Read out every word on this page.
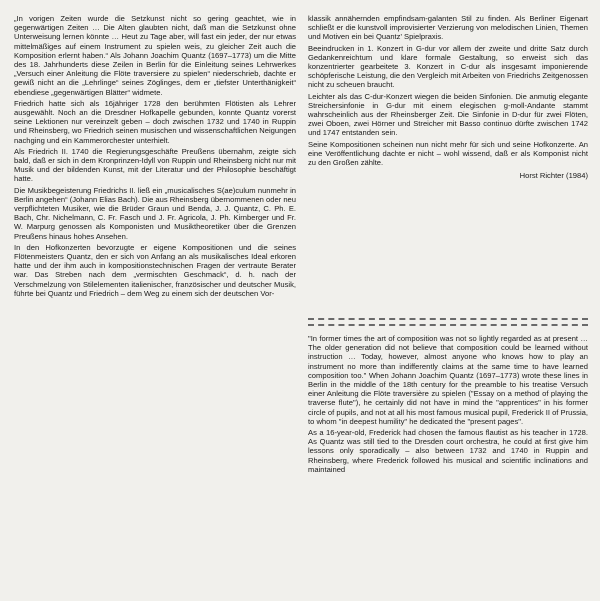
„In vorigen Zeiten wurde die Setzkunst nicht so gering geachtet, wie in gegenwärtigen Zeiten … Die Alten glaubten nicht, daß man die Setzkunst ohne Unterweisung lernen könnte … Heut zu Tage aber, will fast ein jeder, der nur etwas mittelmäßiges auf einem Instrument zu spielen weis, zu gleicher Zeit auch die Komposition erlernt haben.“ Als Johann Joachim Quantz (1697–1773) um die Mitte des 18. Jahrhunderts diese Zeilen in Berlin für die Einleitung seines Lehrwerkes „Versuch einer Anleitung die Flöte traversiere zu spielen“ niederschrieb, dachte er gewiß nicht an die „Lehrlinge“ seines Zöglinges, dem er „tiefster Unterthänigkeit“ ebendiese „gegenwärtigen Blätter“ widmete.

Friedrich hatte sich als 16jähriger 1728 den berühmten Flötisten als Lehrer ausgewählt. Noch an die Dresdner Hofkapelle gebunden, konnte Quantz vorerst seine Lektionen nur vereinzelt geben – doch zwischen 1732 und 1740 in Ruppin und Rheinsberg, wo Friedrich seinen musischen und wissenschaftlichen Neigungen nachging und ein Kammerorchester unterhielt.

Als Friedrich II. 1740 die Regierungsgeschäfte Preußens übernahm, zeigte sich bald, daß er sich in dem Kronprinzen-Idyll von Ruppin und Rheinsberg nicht nur mit Musik und der bildenden Kunst, mit der Literatur und der Philosophie beschäftigt hatte.

Die Musikbegeisterung Friedrichs II. ließ ein „musicalisches S(ae)culum nunmehr in Berlin angehen“ (Johann Elias Bach). Die aus Rheinsberg übernommenen oder neu verpflichteten Musiker, wie die Brüder Graun und Benda, J. J. Quantz, C. Ph. E. Bach, Chr. Nichelmann, C. Fr. Fasch und J. Fr. Agricola, J. Ph. Kirnberger und Fr. W. Marpurg genossen als Komponisten und Musiktheoretiker über die Grenzen Preußens hinaus hohes Ansehen.

In den Hofkonzerten bevorzugte er eigene Kompositionen und die seines Flötenmeisters Quantz, den er sich von Anfang an als musikalisches Ideal erkoren hatte und der ihm auch in kompositionstechnischen Fragen der vertraute Berater war. Das Streben nach dem „vermischten Geschmack“, d. h. nach der Verschmelzung von Stilelementen italienischer, französischer und deutscher Musik, führte bei Quantz und Friedrich – dem Weg zu einem sich der deutschen Vor-

klassik annähernden empfindsam-galanten Stil zu finden. Als Berliner Eigenart schließt er die kunstvoll improvisierter Verzierung von melodischen Linien, Themen und Motiven ein bei Quantz' Spielpraxis.

Beeindrucken in 1. Konzert in G-dur vor allem der zweite und dritte Satz durch Gedankenreichtum und klare formale Gestaltung, so erweist sich das konzentrierter gearbeitete 3. Konzert in C-dur als insgesamt imponierende schöpferische Leistung, die den Vergleich mit Arbeiten von Friedrichs Zeitgenossen nicht zu scheuen braucht.

Leichter als das C-dur-Konzert wiegen die beiden Sinfonien. Die anmutig elegante Streichersinfonie in G-dur mit einem elegischen g-moll-Andante stammt wahrscheinlich aus der Rheinsberger Zeit. Die Sinfonie in D-dur für zwei Flöten, zwei Oboen, zwei Hörner und Streicher mit Basso continuo dürfte zwischen 1742 und 1747 entstanden sein.

Seine Kompositionen scheinen nun nicht mehr für sich und seine Hofkonzerte. An eine Veröffentlichung dachte er nicht – wohl wissend, daß er als Komponist nicht zu den Großen zählte.

Horst Richter (1984)

"In former times the art of composition was not so lightly regarded as at present … The older generation did not believe that composition could be learned without instruction … Today, however, almost anyone who knows how to play an instrument no more than indifferently claims at the same time to have learned composition too." When Johann Joachim Quantz (1697–1773) wrote these lines in Berlin in the middle of the 18th century for the preamble to his treatise Versuch einer Anleitung die Flöte traversière zu spielen ("Essay on a method of playing the traverse flute"), he certainly did not have in mind the "apprentices" in his former circle of pupils, and not at all his most famous musical pupil, Frederick II of Prussia, to whom "in deepest humility" he dedicated the "present pages".

As a 16-year-old, Frederick had chosen the famous flautist as his teacher in 1728. As Quantz was still tied to the Dresden court orchestra, he could at first give him lessons only sporadically – also between 1732 and 1740 in Ruppin and Rheinsberg, where Frederick followed his musical and scientific inclinations and maintained
